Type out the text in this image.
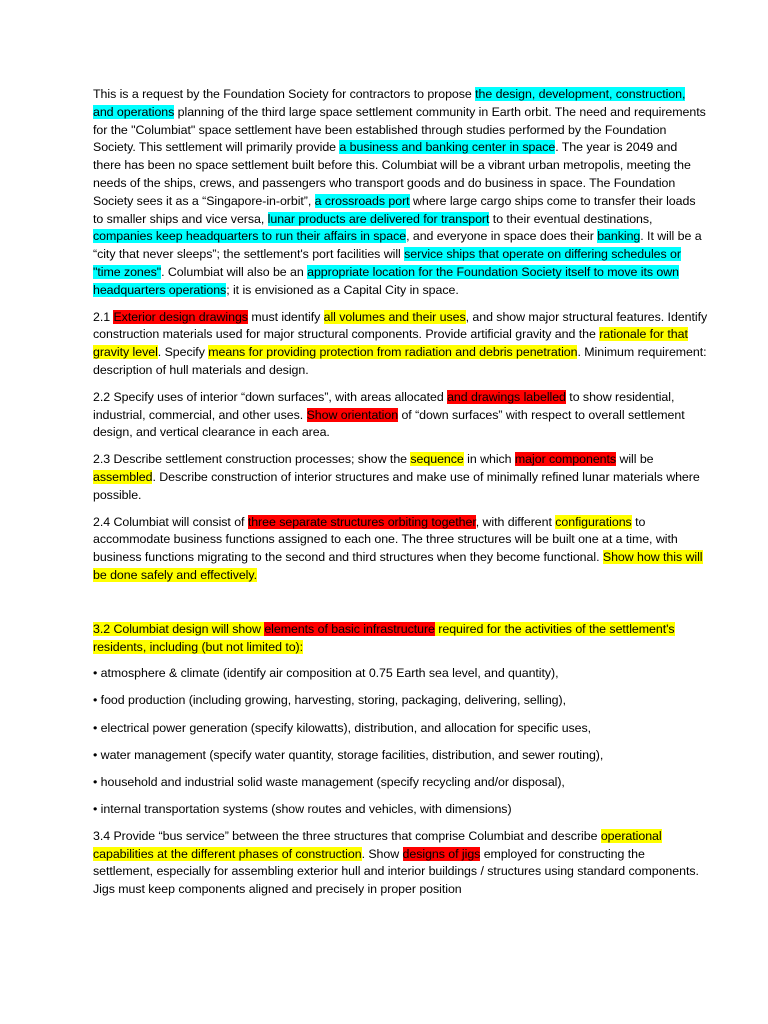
This is a request by the Foundation Society for contractors to propose the design, development, construction, and operations planning of the third large space settlement community in Earth orbit. The need and requirements for the "Columbiat" space settlement have been established through studies performed by the Foundation Society. This settlement will primarily provide a business and banking center in space. The year is 2049 and there has been no space settlement built before this. Columbiat will be a vibrant urban metropolis, meeting the needs of the ships, crews, and passengers who transport goods and do business in space. The Foundation Society sees it as a “Singapore-in-orbit”, a crossroads port where large cargo ships come to transfer their loads to smaller ships and vice versa, lunar products are delivered for transport to their eventual destinations, companies keep headquarters to run their affairs in space, and everyone in space does their banking. It will be a “city that never sleeps”; the settlement's port facilities will service ships that operate on differing schedules or "time zones". Columbiat will also be an appropriate location for the Foundation Society itself to move its own headquarters operations; it is envisioned as a Capital City in space.

2.1 Exterior design drawings must identify all volumes and their uses, and show major structural features. Identify construction materials used for major structural components. Provide artificial gravity and the rationale for that gravity level. Specify means for providing protection from radiation and debris penetration. Minimum requirement: description of hull materials and design.

2.2 Specify uses of interior “down surfaces”, with areas allocated and drawings labelled to show residential, industrial, commercial, and other uses. Show orientation of “down surfaces” with respect to overall settlement design, and vertical clearance in each area.

2.3 Describe settlement construction processes; show the sequence in which major components will be assembled. Describe construction of interior structures and make use of minimally refined lunar materials where possible.

2.4 Columbiat will consist of three separate structures orbiting together, with different configurations to accommodate business functions assigned to each one. The three structures will be built one at a time, with business functions migrating to the second and third structures when they become functional. Show how this will be done safely and effectively.

3.2 Columbiat design will show elements of basic infrastructure required for the activities of the settlement's residents, including (but not limited to):

• atmosphere & climate (identify air composition at 0.75 Earth sea level, and quantity),

• food production (including growing, harvesting, storing, packaging, delivering, selling),

• electrical power generation (specify kilowatts), distribution, and allocation for specific uses,

• water management (specify water quantity, storage facilities, distribution, and sewer routing),

• household and industrial solid waste management (specify recycling and/or disposal),

• internal transportation systems (show routes and vehicles, with dimensions)

3.4 Provide “bus service” between the three structures that comprise Columbiat and describe operational capabilities at the different phases of construction. Show designs of jigs employed for constructing the settlement, especially for assembling exterior hull and interior buildings / structures using standard components. Jigs must keep components aligned and precisely in proper position
